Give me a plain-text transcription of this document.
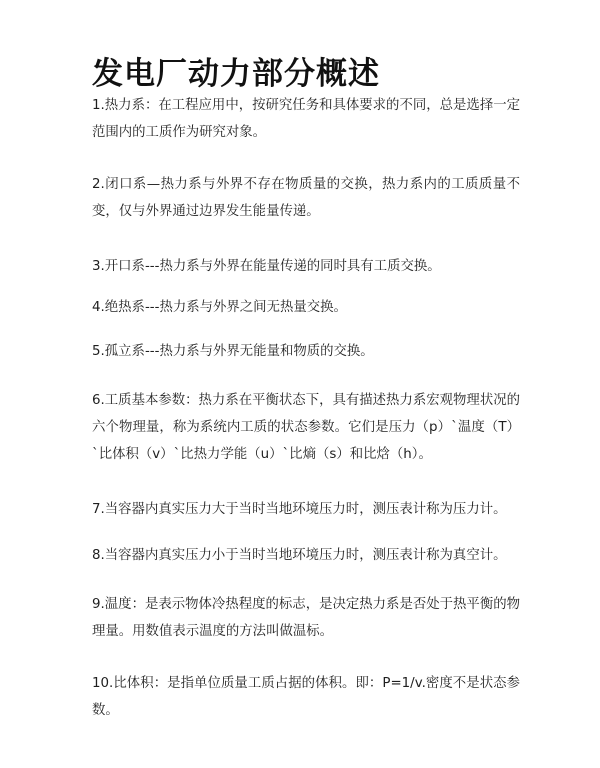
发电厂动力部分概述

1.热力系：在工程应用中，按研究任务和具体要求的不同，总是选择一定范围内的工质作为研究对象。

2.闭口系—热力系与外界不存在物质量的交换，热力系内的工质质量不变，仅与外界通过边界发生能量传递。

3.开口系---热力系与外界在能量传递的同时具有工质交换。

4.绝热系---热力系与外界之间无热量交换。

5.孤立系---热力系与外界无能量和物质的交换。

6.工质基本参数：热力系在平衡状态下，具有描述热力系宏观物理状况的六个物理量，称为系统内工质的状态参数。它们是压力（p）`温度（T）`比体积（v）`比热力学能（u）`比熵（s）和比焓（h）。

7.当容器内真实压力大于当时当地环境压力时，测压表计称为压力计。

8.当容器内真实压力小于当时当地环境压力时，测压表计称为真空计。

9.温度：是表示物体冷热程度的标志，是决定热力系是否处于热平衡的物理量。用数值表示温度的方法叫做温标。

10.比体积：是指单位质量工质占据的体积。即：P=1/v.密度不是状态参数。
